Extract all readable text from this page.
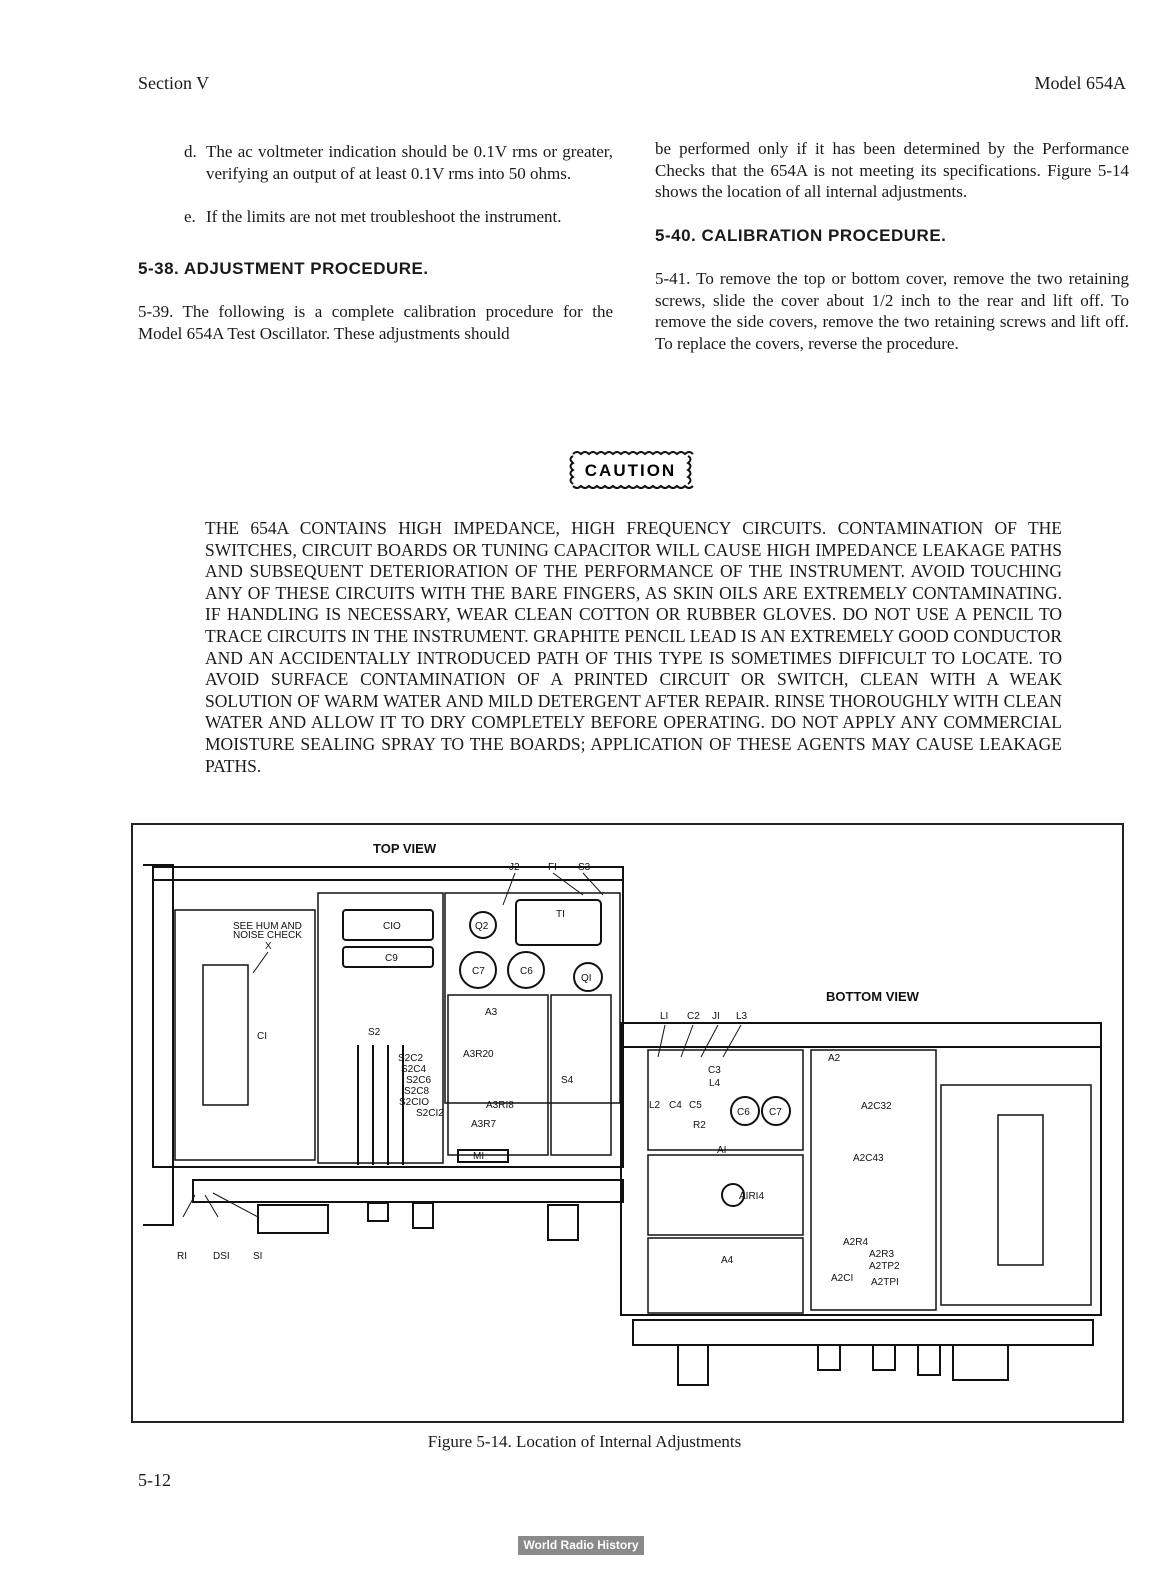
Section V	Model 654A
d. The ac voltmeter indication should be 0.1V rms or greater, verifying an output of at least 0.1V rms into 50 ohms.
e. If the limits are not met troubleshoot the instrument.
5-38. ADJUSTMENT PROCEDURE.

5-39. The following is a complete calibration procedure for the Model 654A Test Oscillator. These adjustments should

be performed only if it has been determined by the Performance Checks that the 654A is not meeting its specifications. Figure 5-14 shows the location of all internal adjustments.

5-40. CALIBRATION PROCEDURE.

5-41. To remove the top or bottom cover, remove the two retaining screws, slide the cover about 1/2 inch to the rear and lift off. To remove the side covers, remove the two retaining screws and lift off. To replace the covers, reverse the procedure.

CAUTION
THE 654A CONTAINS HIGH IMPEDANCE, HIGH FREQUENCY CIRCUITS. CONTAMINATION OF THE SWITCHES, CIRCUIT BOARDS OR TUNING CAPACITOR WILL CAUSE HIGH IMPEDANCE LEAKAGE PATHS AND SUBSEQUENT DETERIORATION OF THE PERFORMANCE OF THE INSTRUMENT. AVOID TOUCHING ANY OF THESE CIRCUITS WITH THE BARE FINGERS, AS SKIN OILS ARE EXTREMELY CONTAMINATING. IF HANDLING IS NECESSARY, WEAR CLEAN COTTON OR RUBBER GLOVES. DO NOT USE A PENCIL TO TRACE CIRCUITS IN THE INSTRUMENT. GRAPHITE PENCIL LEAD IS AN EXTREMELY GOOD CONDUCTOR AND AN ACCIDENTALLY INTRODUCED PATH OF THIS TYPE IS SOMETIMES DIFFICULT TO LOCATE. TO AVOID SURFACE CONTAMINATION OF A PRINTED CIRCUIT OR SWITCH, CLEAN WITH A WEAK SOLUTION OF WARM WATER AND MILD DETERGENT AFTER REPAIR. RINSE THOROUGHLY WITH CLEAN WATER AND ALLOW IT TO DRY COMPLETELY BEFORE OPERATING. DO NOT APPLY ANY COMMERCIAL MOISTURE SEALING SPRAY TO THE BOARDS; APPLICATION OF THESE AGENTS MAY CAUSE LEAKAGE PATHS.
TOP VIEW
BOTTOM VIEW
J2	FI S3
TI
SEE HUM AND
NOISE CHECK
X
CIO
C9
Q2
C7	C6
QI
CI
A3
S2
S2C2
S2C4
S2C6
S2C8
S2CIO
S2CI2
A3R20
S4
A3RI8
A3R7
MI
RI	DSI SI
LI C2 JI L3
C3
L4
L2 C4 C5
C6 C7
R2
AI
AIRI4
A2
A2C32
A2C43
A4
A2R4
A2R3
A2TP2
A2CI A2TPI
Figure 5-14. Location of Internal Adjustments
5-12
World Radio History
